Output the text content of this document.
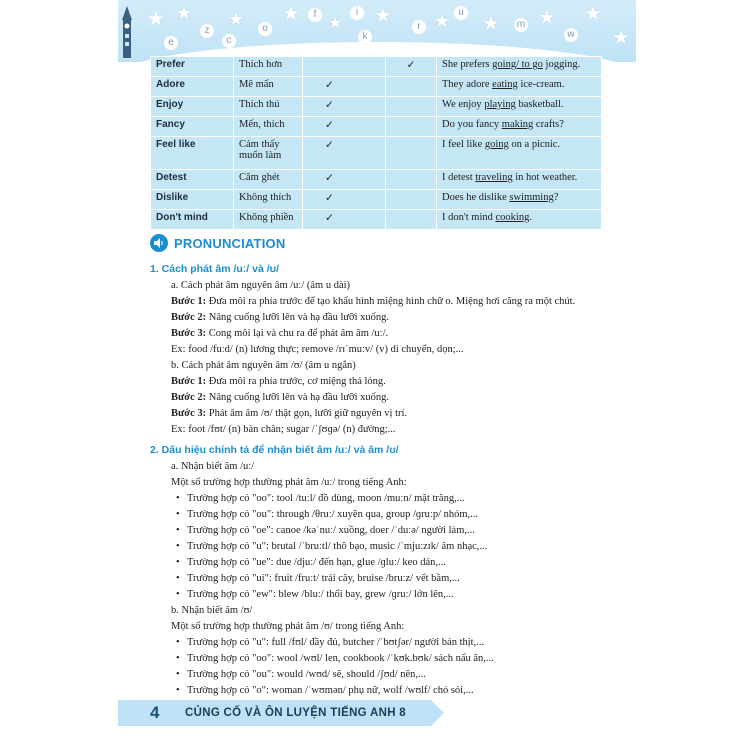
★ ★ ★ ★ ★ ★ ★ ★ ★ ★
★
e
z
c
o
f	i
k
r
u
m
w
Prefer	Thích hơn		✓	She prefers going/ to go jogging.
Adore	Mê mẩn	✓		They adore eating ice-cream.
Enjoy	Thích thú	✓		We enjoy playing basketball.
Fancy	Mến, thích	✓		Do you fancy making crafts?
Feel like	Cảm thấy muốn làm	✓		I feel like going on a picnic.
Detest	Căm ghét	✓		I detest traveling in hot weather.
Dislike	Không thích	✓		Does he dislike swimming?
Don't mind	Không phiền	✓		I don't mind cooking.
PRONUNCIATION
1. Cách phát âm /uː/ và /ʊ/
a. Cách phát âm nguyên âm /uː/ (âm u dài)
Bước 1: Đưa môi ra phía trước để tạo khẩu hình miệng hình chữ o. Miệng hơi căng ra một chút.
Bước 2: Nâng cuống lưỡi lên và hạ đầu lưỡi xuống.
Bước 3: Cong môi lại và chu ra để phát âm âm /uː/.
Ex: food /fuːd/ (n) lương thực; remove /rɪˈmuːv/ (v) di chuyển, dọn;...
b. Cách phát âm nguyên âm /ʊ/ (âm u ngắn)
Bước 1: Đưa môi ra phía trước, cơ miệng thả lỏng.
Bước 2: Nâng cuống lưỡi lên và hạ đầu lưỡi xuống.
Bước 3: Phát âm âm /ʊ/ thật gọn, lưỡi giữ nguyên vị trí.
Ex: foot /fʊt/ (n) bàn chân; sugar /ˈʃʊɡə/ (n) đường;...
2. Dấu hiệu chính tả để nhận biết âm /uː/ và âm /ʊ/
a. Nhận biết âm /uː/
Một số trường hợp thường phát âm /uː/ trong tiếng Anh:
• Trường hợp có "oo": tool /tuːl/ đồ dùng, moon /muːn/ mặt trăng,...
• Trường hợp có "ou": through /θruː/ xuyên qua, group /ɡruːp/ nhóm,...
• Trường hợp có "oe": canoe /kəˈnuː/ xuồng, doer /ˈduːə/ người làm,...
• Trường hợp có "u": brutal /ˈbruːtl/ thô bạo, music /ˈmjuːzɪk/ âm nhạc,...
• Trường hợp có "ue": due /djuː/ đến hạn, glue /ɡluː/ keo dán,...
• Trường hợp có "ui": fruit /fruːt/ trái cây, bruise /bruːz/ vết bầm,...
• Trường hợp có "ew": blew /bluː/ thổi bay, grew /ɡruː/ lớn lên,...
b. Nhận biết âm /ʊ/
Một số trường hợp thường phát âm /ʊ/ trong tiếng Anh:
• Trường hợp có "u": full /fʊl/ đầy đủ, butcher /ˈbʊtʃər/ người bán thịt,...
• Trường hợp có "oo": wool /wʊl/ len, cookbook /ˈkʊk.bʊk/ sách nấu ăn,...
• Trường hợp có "ou": would /wʊd/ sẽ, should /ʃʊd/ nên,...
• Trường hợp có "o": woman /ˈwʊmən/ phụ nữ, wolf /wʊlf/ chó sói,...
4 CỦNG CỐ VÀ ÔN LUYỆN TIẾNG ANH 8
